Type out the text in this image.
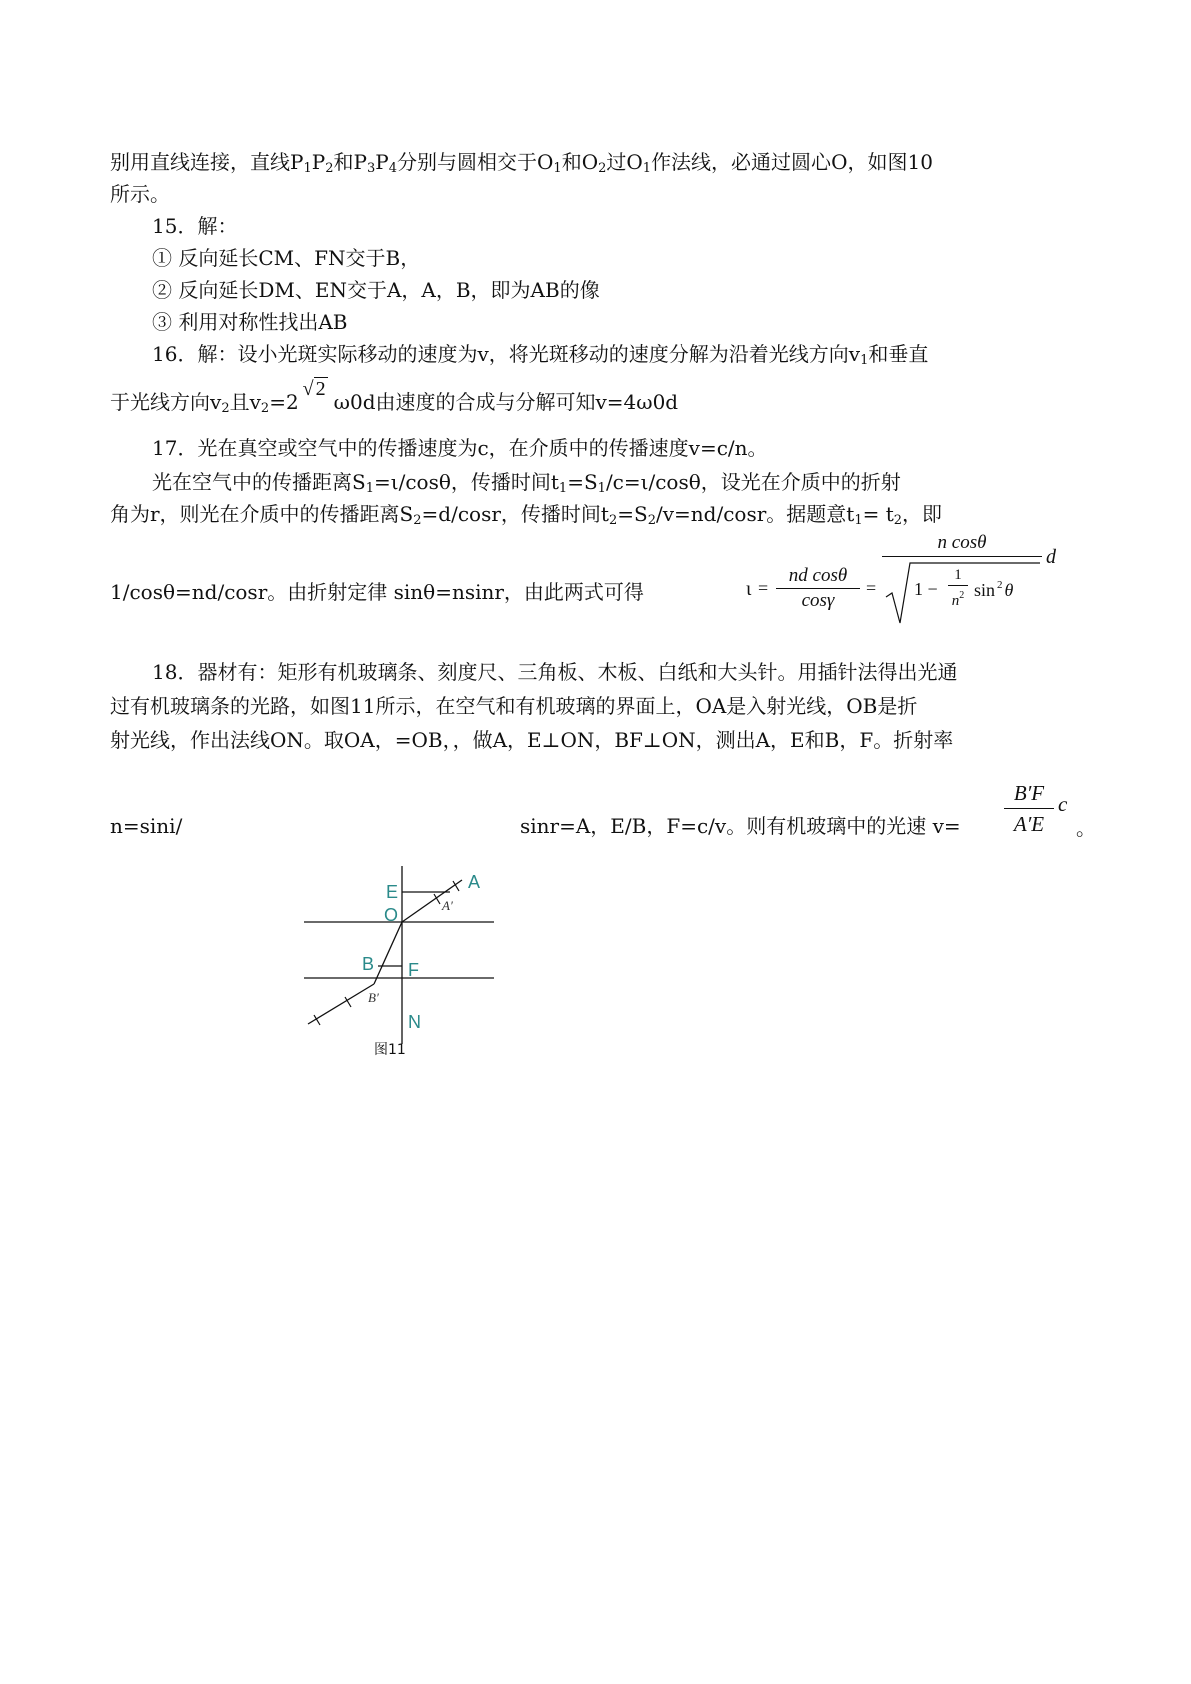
别用直线连接，直线$P_1P_2$和$P_3P_4$分别与圆相交于$O_1$和$O_2$过$O_1$作法线，必通过圆心O，如图10
所示。
15．解：
① 反向延长CM、FN交于B，
② 反向延长DM、EN交于A，A，B，即为AB的像
③ 利用对称性找出AB
16．解：设小光斑实际移动的速度为v，将光斑移动的速度分解为沿着光线方向$v_1$和垂直
于光线方向$v_2$且$v_2=2√$ 2ω0d由速度的合成与分解可知v=4ω0d
17．光在真空或空气中的传播速度为c，在介质中的传播速度v=c/n。
光在空气中的传播距离$S_1=\iota$/cosθ，传播时间$t_1=S_1/c=\iota$/cosθ，设光在介质中的折射
角为r，则光在介质中的传播距离$S_2=d$/cosr，传播时间$t_2=S_2/v=nd$/cosr。据题意$t_1= t_2$，即
1/cosθ=nd/cosr。由折射定律 sinθ=nsinr，由此两式可得	$\iota = \frac{\text{nd cosθ}}{\cos\gamma}$ =
n cosθ
$1 - \frac{1}{n^2}$ sin $^2$ θ
d
18．器材有：矩形有机玻璃条、刻度尺、三角板、木板、白纸和大头针。用插针法得出光通
过有机玻璃条的光路，如图11所示，在空气和有机玻璃的界面上，OA是入射光线，OB是折
射光线，作出法线ON。取OA，=OB，，做A，E⊥ON，BF⊥ON，测出A，E和B，F。折射率
n=sini/	sinr=A，E/B，F=c/v。则有机玻璃中的光速 $v= \frac{B'F}{A'E}$ c
。
E	A
A′
O
B F
B′
N
图11
